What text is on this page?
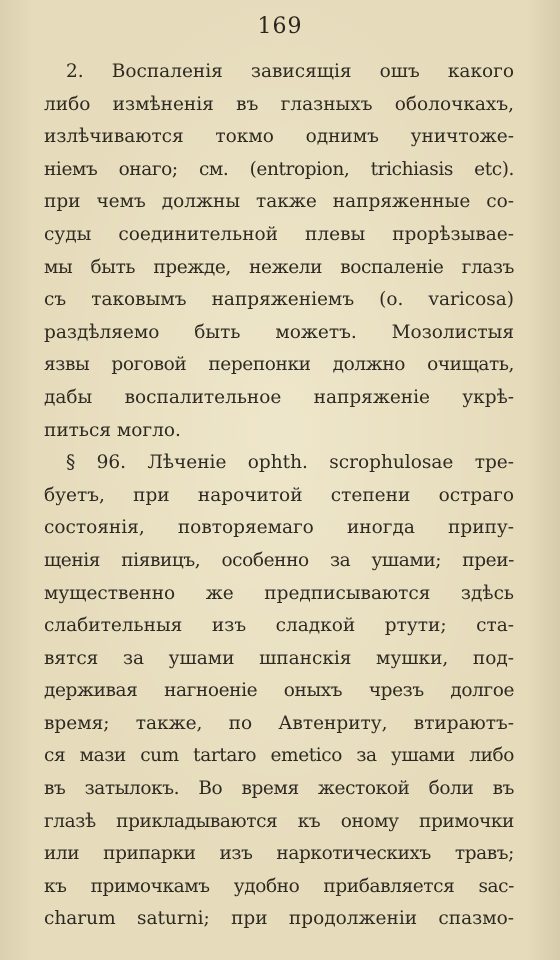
169
2. Воспаленія зависящія ошъ какого
либо измѣненія въ глазныхъ оболочкахъ,
излѣчиваются токмо однимъ уничтоже-
ніемъ онаго; см. (entropion, trichiasis etc).
при чемъ должны также напряженные со-
суды соединительной плевы прорѣзывае-
мы быть прежде, нежели воспаленіе глазъ
съ таковымъ напряженіемъ (о. varicosa)
раздѣляемо быть можетъ. Мозолистыя
язвы роговой перепонки должно очищать,
дабы воспалительное напряженіе укрѣ-
питься могло.
§ 96. Лѣченіе ophth. scrophulosae тре-
буетъ, при нарочитой степени остраго
состоянія, повторяемаго иногда припу-
щенія піявицъ, особенно за ушами; преи-
мущественно же предписываются здѣсь
слабительныя изъ сладкой ртути; ста-
вятся за ушами шпанскія мушки, под-
держивая нагноеніе оныхъ чрезъ долгое
время; также, по Автенриту, втираютъ-
ся мази cum tartaro emetico за ушами либо
въ затылокъ. Во время жестокой боли въ
глазѣ прикладываются къ оному примочки
или припарки изъ наркотическихъ травъ;
къ примочкамъ удобно прибавляется sac-
charum saturni; при продолженіи спазмо-
